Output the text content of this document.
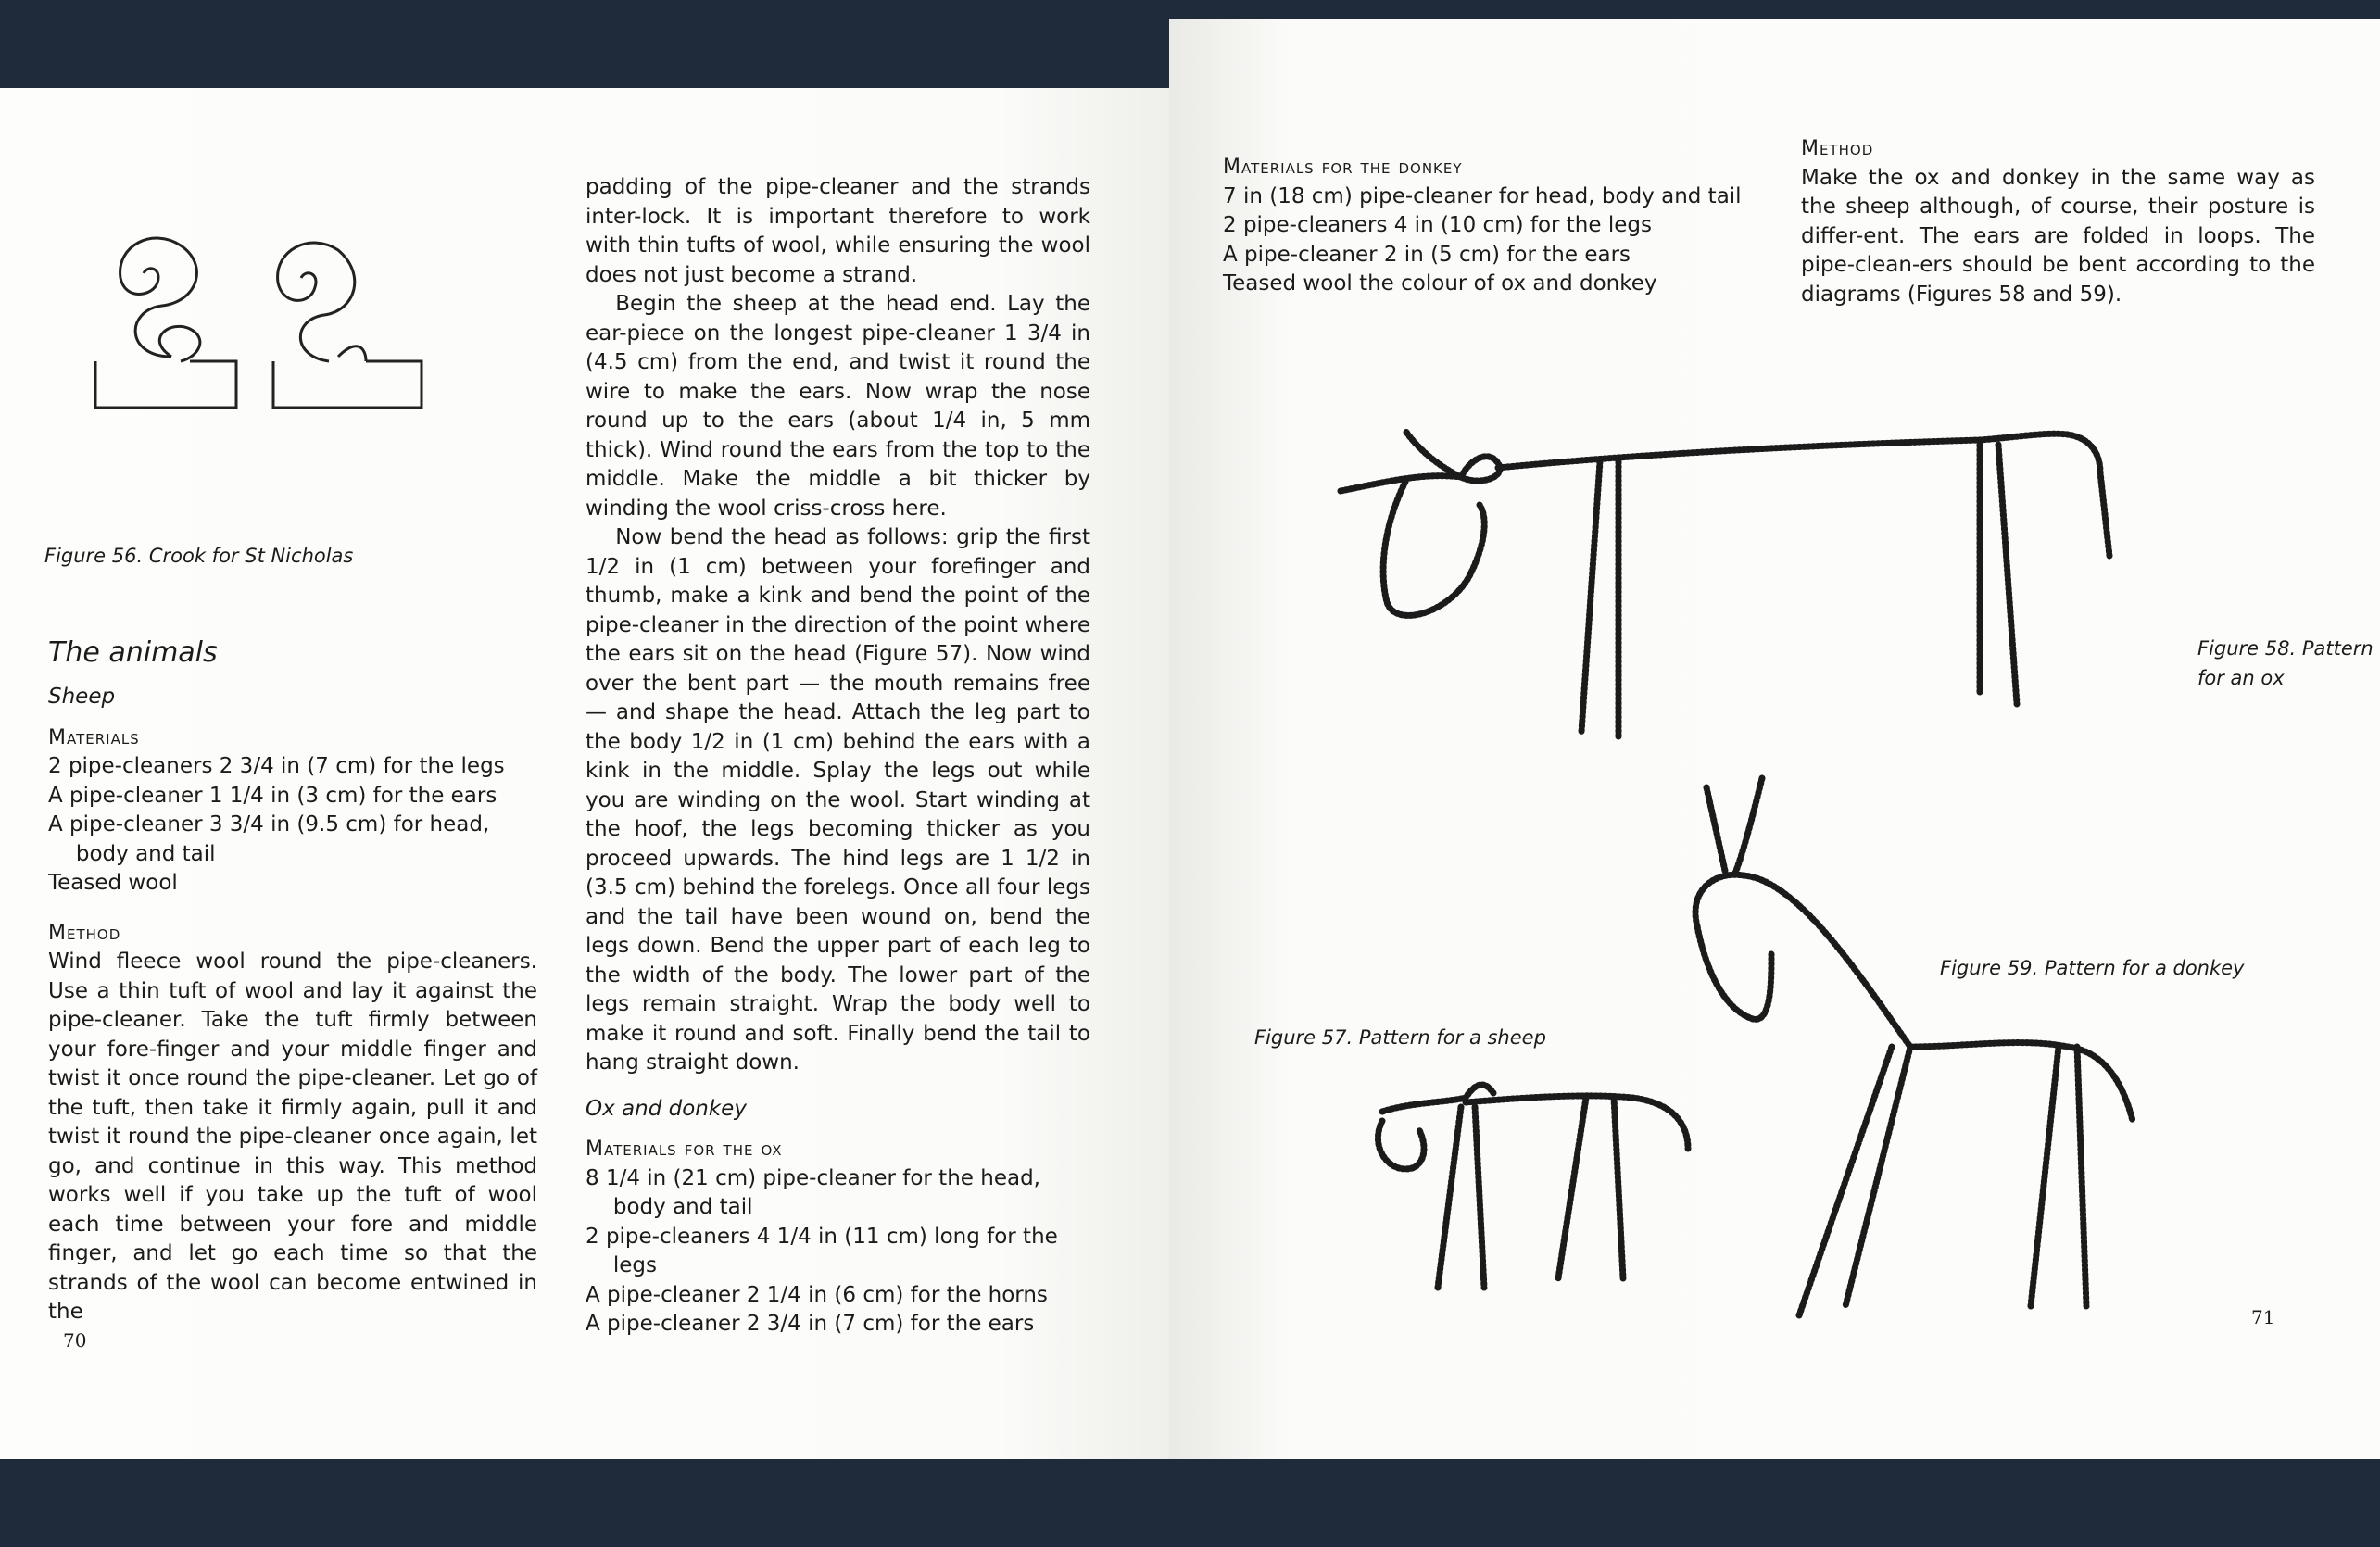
Figure 56. Crook for St Nicholas
The animals
Sheep
Materials
2 pipe-cleaners 2 3/4 in (7 cm) for the legs
A pipe-cleaner 1 1/4 in (3 cm) for the ears
A pipe-cleaner 3 3/4 in (9.5 cm) for head, body and tail
Teased wool
Method

Wind fleece wool round the pipe-cleaners. Use a thin tuft of wool and lay it against the pipe-cleaner. Take the tuft firmly between your fore-finger and your middle finger and twist it once round the pipe-cleaner. Let go of the tuft, then take it firmly again, pull it and twist it round the pipe-cleaner once again, let go, and continue in this way. This method works well if you take up the tuft of wool each time between your fore and middle finger, and let go each time so that the strands of the wool can become entwined in the

padding of the pipe-cleaner and the strands inter-lock. It is important therefore to work with thin tufts of wool, while ensuring the wool does not just become a strand.

Begin the sheep at the head end. Lay the ear-piece on the longest pipe-cleaner 1 3/4 in (4.5 cm) from the end, and twist it round the wire to make the ears. Now wrap the nose round up to the ears (about 1/4 in, 5 mm thick). Wind round the ears from the top to the middle. Make the middle a bit thicker by winding the wool criss-cross here.

Now bend the head as follows: grip the first 1/2 in (1 cm) between your forefinger and thumb, make a kink and bend the point of the pipe-cleaner in the direction of the point where the ears sit on the head (Figure 57). Now wind over the bent part — the mouth remains free — and shape the head. Attach the leg part to the body 1/2 in (1 cm) behind the ears with a kink in the middle. Splay the legs out while you are winding on the wool. Start winding at the hoof, the legs becoming thicker as you proceed upwards. The hind legs are 1 1/2 in (3.5 cm) behind the forelegs. Once all four legs and the tail have been wound on, bend the legs down. Bend the upper part of each leg to the width of the body. The lower part of the legs remain straight. Wrap the body well to make it round and soft. Finally bend the tail to hang straight down.

Ox and donkey
Materials for the ox
8 1/4 in (21 cm) pipe-cleaner for the head, body and tail
2 pipe-cleaners 4 1/4 in (11 cm) long for the legs
A pipe-cleaner 2 1/4 in (6 cm) for the horns
A pipe-cleaner 2 3/4 in (7 cm) for the ears
70
Materials for the donkey
7 in (18 cm) pipe-cleaner for head, body and tail
2 pipe-cleaners 4 in (10 cm) for the legs
A pipe-cleaner 2 in (5 cm) for the ears
Teased wool the colour of ox and donkey
Method

Make the ox and donkey in the same way as the sheep although, of course, their posture is differ-ent. The ears are folded in loops. The pipe-clean-ers should be bent according to the diagrams (Figures 58 and 59).

Figure 58. Pattern
for an ox
Figure 59. Pattern for a donkey
Figure 57. Pattern for a sheep
71
